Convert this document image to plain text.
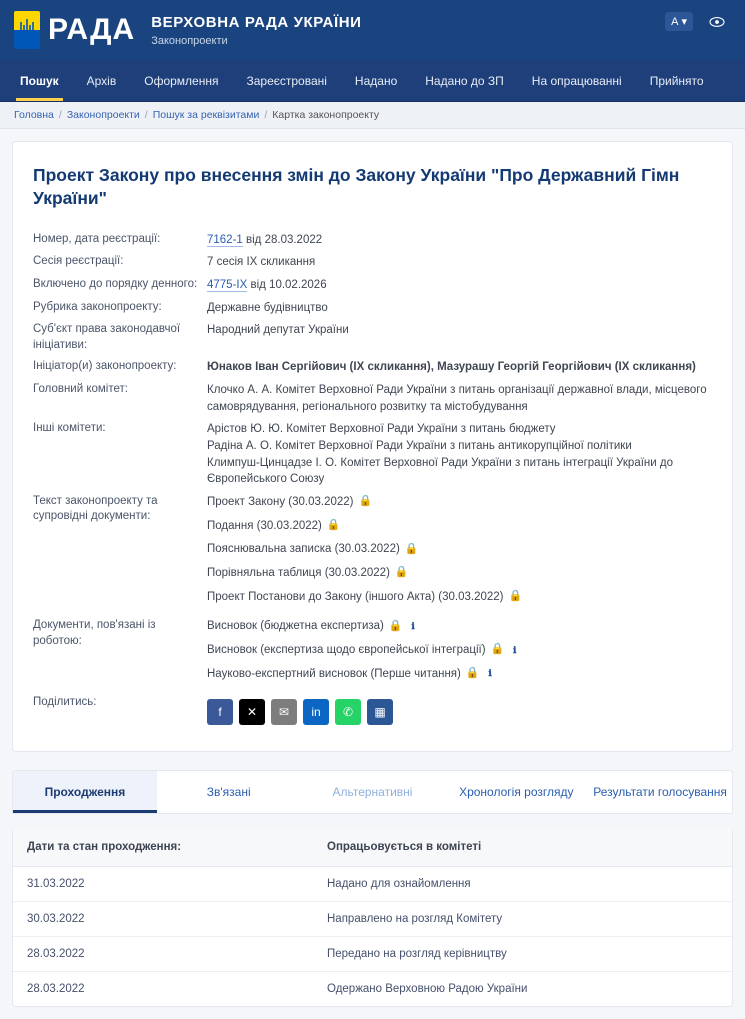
РАДА ВЕРХОВНА РАДА УКРАЇНИ
Законопроекти
A ▾
Пошук Архів Оформлення Зареєстровані Надано Надано до ЗП На опрацюванні Прийнято
Головна / Законопроекти / Пошук за реквізитами / Картка законопроекту
Проект Закону про внесення змін до Закону України "Про Державний Гімн України"
Номер, дата реєстрації:	7162-1 від 28.03.2022
Сесія реєстрації:	7 сесія IX скликання
Включено до порядку денного:	4775-IX від 10.02.2026
Рубрика законопроекту:	Державне будівництво
Суб'єкт права законодавчої ініціативи:	Народний депутат України
Ініціатор(и) законопроекту:	Юнаков Іван Сергійович (IX скликання), Мазурашу Георгій Георгійович (IX скликання)
Головний комітет:	Клочко А. А. Комітет Верховної Ради України з питань організації державної влади, місцевого самоврядування, регіонального розвитку та містобудування
Інші комітети:	Арістов Ю. Ю. Комітет Верховної Ради України з питань бюджету
Радіна А. О. Комітет Верховної Ради України з питань антикорупційної політики
Климпуш-Цинцадзе І. О. Комітет Верховної Ради України з питань інтеграції України до Європейського Союзу

Текст законопроекту та супровідні документи:	
Проект Закону (30.03.2022) 🔒
Подання (30.03.2022) 🔒
Пояснювальна записка (30.03.2022) 🔒
Порівняльна таблиця (30.03.2022) 🔒
Проект Постанови до Закону (іншого Акта) (30.03.2022) 🔒

Документи, пов'язані із роботою:	
Висновок (бюджетна експертиза) 🔒 ℹ
Висновок (експертиза щодо європейської інтеграції) 🔒 ℹ
Науково-експертний висновок (Перше читання) 🔒 ℹ

Поділитись:	
f ✕ ✉ in ✆ ▦
Проходження	Зв'язані	Альтернативні	Хронологія розгляду	Результати голосування
Дати та стан проходження:	Опрацьовується в комітеті
31.03.2022	Надано для ознайомлення
30.03.2022	Направлено на розгляд Комітету
28.03.2022	Передано на розгляд керівництву
28.03.2022	Одержано Верховною Радою України
